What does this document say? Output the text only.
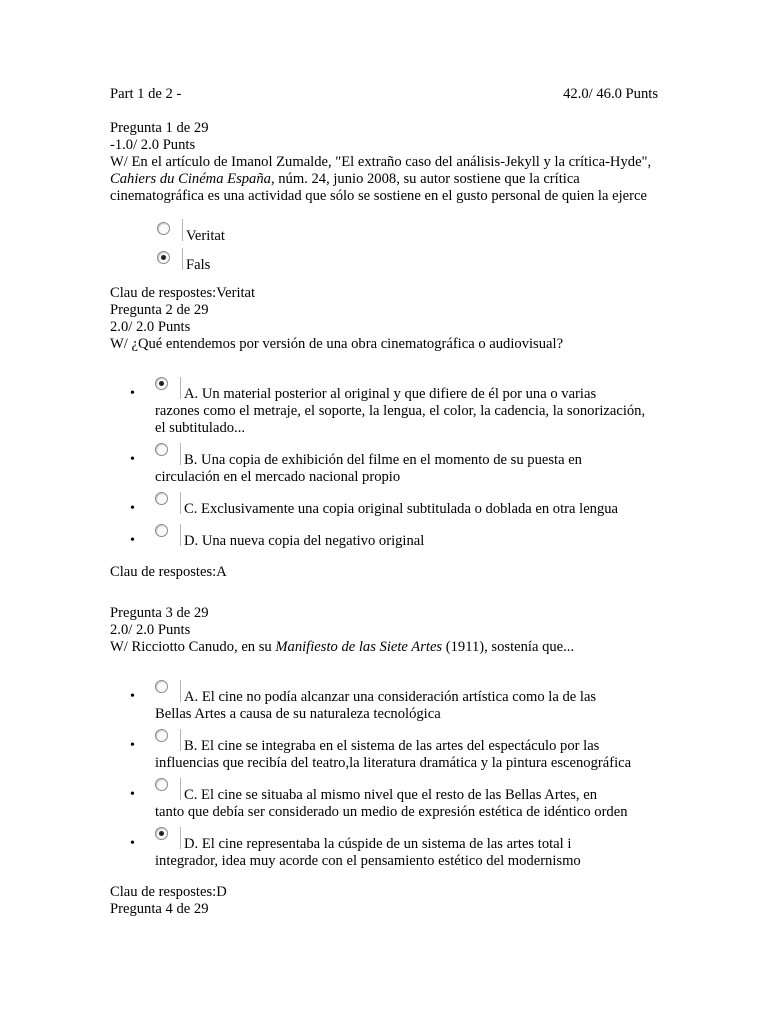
Part 1 de 2 -	42.0/ 46.0 Punts
Pregunta 1 de 29
-1.0/ 2.0 Punts
W/ En el artículo de Imanol Zumalde, "El extraño caso del análisis-Jekyll y la crítica-Hyde", Cahiers du Cinéma España, núm. 24, junio 2008, su autor sostiene que la crítica cinematográfica es una actividad que sólo se sostiene en el gusto personal de quien la ejerce
Veritat
Fals
Clau de respostes:Veritat
Pregunta 2 de 29
2.0/ 2.0 Punts
W/ ¿Qué entendemos por versión de una obra cinematográfica o audiovisual?
•	A. Un material posterior al original y que difiere de él por una o varias
razones como el metraje, el soporte, la lengua, el color, la cadencia, la sonorización, el subtitulado...
•	B. Una copia de exhibición del filme en el momento de su puesta en
circulación en el mercado nacional propio
•	C. Exclusivamente una copia original subtitulada o doblada en otra lengua
•	D. Una nueva copia del negativo original
Clau de respostes:A
Pregunta 3 de 29
2.0/ 2.0 Punts
W/ Ricciotto Canudo, en su Manifiesto de las Siete Artes (1911), sostenía que...
•	A. El cine no podía alcanzar una consideración artística como la de las
Bellas Artes a causa de su naturaleza tecnológica
•	B. El cine se integraba en el sistema de las artes del espectáculo por las
influencias que recibía del teatro,la literatura dramática y la pintura escenográfica
•	C. El cine se situaba al mismo nivel que el resto de las Bellas Artes, en
tanto que debía ser considerado un medio de expresión estética de idéntico orden
•	D. El cine representaba la cúspide de un sistema de las artes total i
integrador, idea muy acorde con el pensamiento estético del modernismo
Clau de respostes:D
Pregunta 4 de 29
